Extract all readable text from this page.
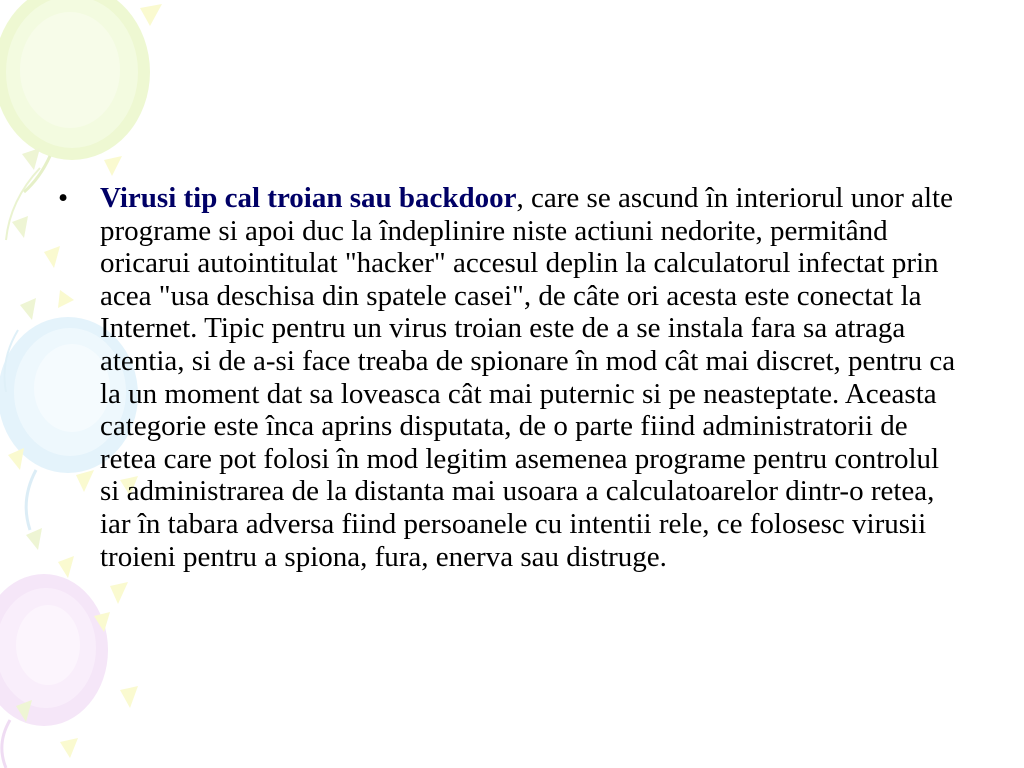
•	Virusi tip cal troian sau backdoor, care se ascund în interiorul unor alte programe si apoi duc la îndeplinire niste actiuni nedorite, permitând oricarui autointitulat "hacker" accesul deplin la calculatorul infectat prin acea "usa deschisa din spatele casei", de câte ori acesta este conectat la Internet. Tipic pentru un virus troian este de a se instala fara sa atraga atentia, si de a-si face treaba de spionare în mod cât mai discret, pentru ca la un moment dat sa loveasca cât mai puternic si pe neasteptate. Aceasta categorie este înca aprins disputata, de o parte fiind administratorii de retea care pot folosi în mod legitim asemenea programe pentru controlul si administrarea de la distanta mai usoara a calculatoarelor dintr-o retea, iar în tabara adversa fiind persoanele cu intentii rele, ce folosesc virusii troieni pentru a spiona, fura, enerva sau distruge.
